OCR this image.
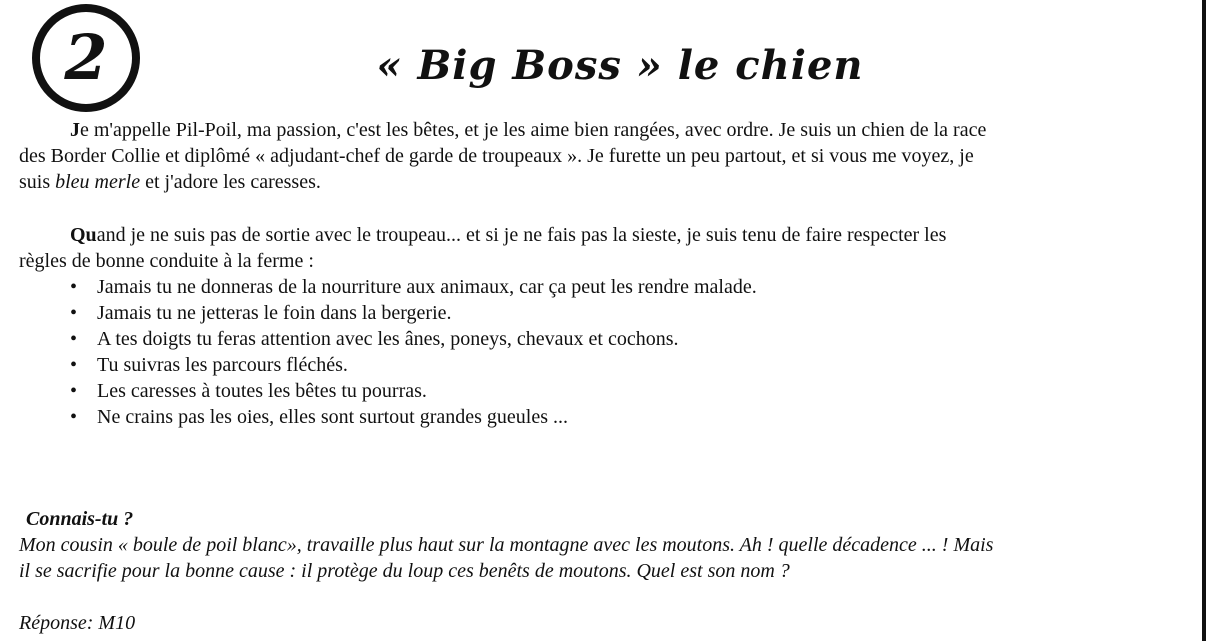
2	« Big Boss » le chien

Je m'appelle Pil-Poil, ma passion, c'est les bêtes, et je les aime bien rangées, avec ordre. Je suis un chien de la race des Border Collie et diplômé « adjudant-chef de garde de troupeaux ». Je furette un peu partout, et si vous me voyez, je suis bleu merle et j'adore les caresses.

Quand je ne suis pas de sortie avec le troupeau... et si je ne fais pas la sieste, je suis tenu de faire respecter les règles de bonne conduite à la ferme :

• Jamais tu ne donneras de la nourriture aux animaux, car ça peut les rendre malade.
• Jamais tu ne jetteras le foin dans la bergerie.
• A tes doigts tu feras attention avec les ânes, poneys, chevaux et cochons.
• Tu suivras les parcours fléchés.
• Les caresses à toutes les bêtes tu pourras.
• Ne crains pas les oies, elles sont surtout grandes gueules ...
Connais-tu ?

Mon cousin « boule de poil blanc», travaille plus haut sur la montagne avec les moutons. Ah ! quelle décadence ... ! Mais il se sacrifie pour la bonne cause : il protège du loup ces benêts de moutons. Quel est son nom ?

Réponse: M10
